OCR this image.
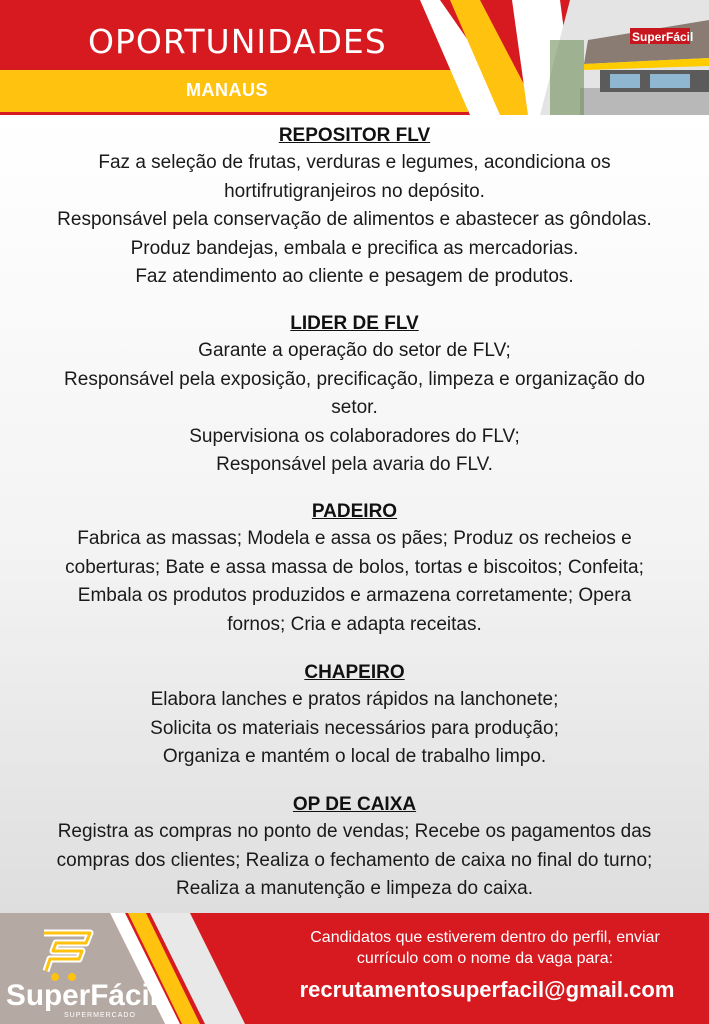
OPORTUNIDADES
MANAUS
SuperFácil
REPOSITOR FLV

Faz a seleção de frutas, verduras e legumes, acondiciona os

hortifrutigranjeiros no depósito.

Responsável pela conservação de alimentos e abastecer as gôndolas.

Produz bandejas, embala e precifica as mercadorias.

Faz atendimento ao cliente e pesagem de produtos.

LIDER DE FLV

Garante a operação do setor de FLV;

Responsável pela exposição, precificação, limpeza e organização do

setor.

Supervisiona os colaboradores do FLV;

Responsável pela avaria do FLV.

PADEIRO

Fabrica as massas; Modela e assa os pães; Produz os recheios e

coberturas; Bate e assa massa de bolos, tortas e biscoitos; Confeita;

Embala os produtos produzidos e armazena corretamente; Opera

fornos; Cria e adapta receitas.

CHAPEIRO

Elabora lanches e pratos rápidos na lanchonete;

Solicita os materiais necessários para produção;

Organiza e mantém o local de trabalho limpo.

OP DE CAIXA

Registra as compras no ponto de vendas; Recebe os pagamentos das

compras dos clientes; Realiza o fechamento de caixa no final do turno;

Realiza a manutenção e limpeza do caixa.

SuperFácil
SUPERMERCADO
Candidatos que estiverem dentro do perfil, enviar
currículo com o nome da vaga para:
recrutamentosuperfacil@gmail.com
